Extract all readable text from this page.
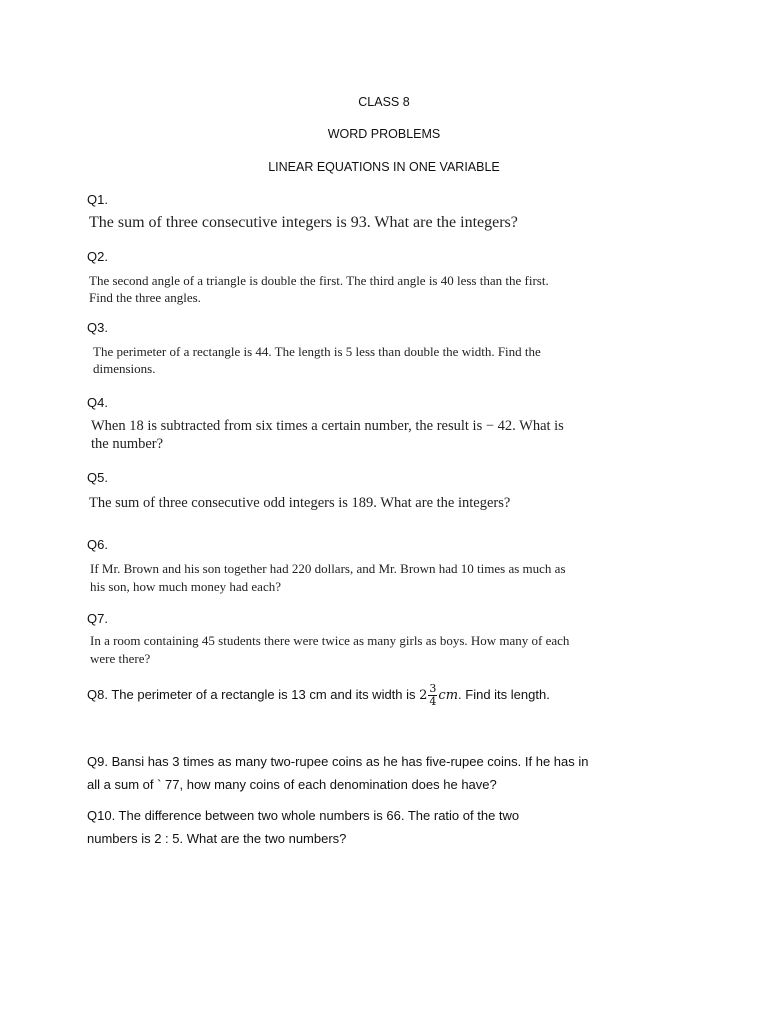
CLASS 8
WORD PROBLEMS
LINEAR EQUATIONS IN ONE VARIABLE
Q1.
The sum of three consecutive integers is 93. What are the integers?
Q2.
The second angle of a triangle is double the first. The third angle is 40 less than the first. Find the three angles.
Q3.
The perimeter of a rectangle is 44. The length is 5 less than double the width. Find the dimensions.
Q4.
When 18 is subtracted from six times a certain number, the result is − 42. What is the number?
Q5.
The sum of three consecutive odd integers is 189. What are the integers?
Q6.
If Mr. Brown and his son together had 220 dollars, and Mr. Brown had 10 times as much as his son, how much money had each?
Q7.
In a room containing 45 students there were twice as many girls as boys. How many of each were there?
Q8. The perimeter of a rectangle is 13 cm and its width is $2 \frac{3}{4}$ cm. Find its length.
Q9. Bansi has 3 times as many two-rupee coins as he has five-rupee coins. If he has in all a sum of ` 77, how many coins of each denomination does he have?
Q10. The difference between two whole numbers is 66. The ratio of the two numbers is 2 : 5. What are the two numbers?
